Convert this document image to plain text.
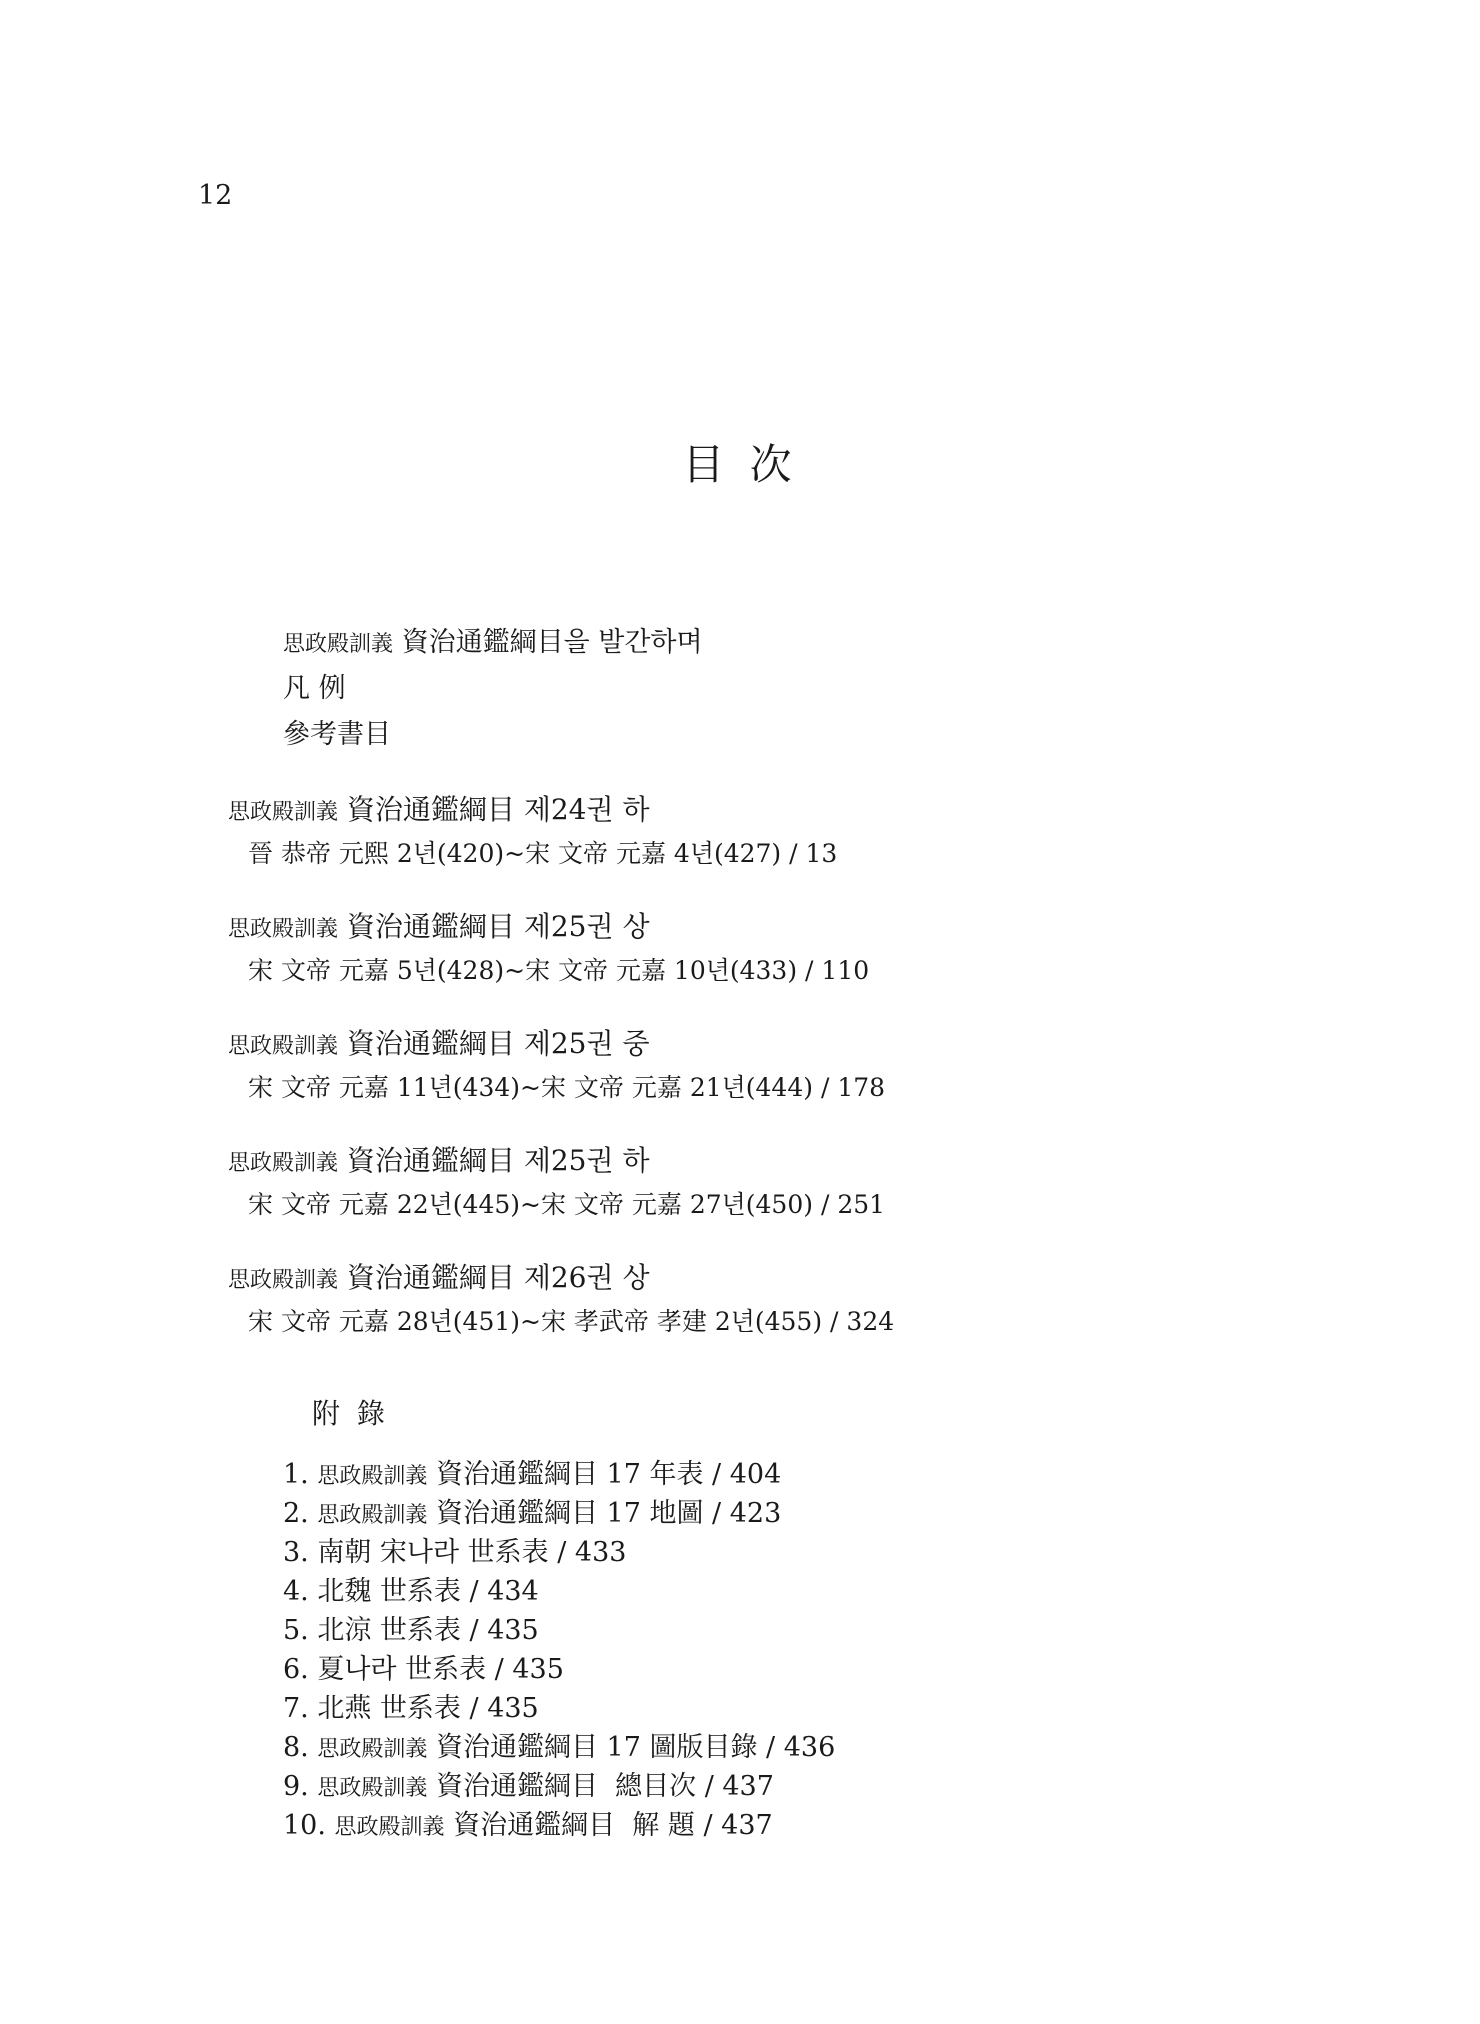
12
目 次
思政殿訓義 資治通鑑綱目을 발간하며
凡 例
參考書目
思政殿訓義 資治通鑑綱目 제24권 하
晉 恭帝 元熙 2년(420)~宋 文帝 元嘉 4년(427) / 13
思政殿訓義 資治通鑑綱目 제25권 상
宋 文帝 元嘉 5년(428)~宋 文帝 元嘉 10년(433) / 110
思政殿訓義 資治通鑑綱目 제25권 중
宋 文帝 元嘉 11년(434)~宋 文帝 元嘉 21년(444) / 178
思政殿訓義 資治通鑑綱目 제25권 하
宋 文帝 元嘉 22년(445)~宋 文帝 元嘉 27년(450) / 251
思政殿訓義 資治通鑑綱目 제26권 상
宋 文帝 元嘉 28년(451)~宋 孝武帝 孝建 2년(455) / 324
附 錄
1. 思政殿訓義 資治通鑑綱目 17 年表 / 404
2. 思政殿訓義 資治通鑑綱目 17 地圖 / 423
3. 南朝 宋나라 世系表 / 433
4. 北魏 世系表 / 434
5. 北涼 世系表 / 435
6. 夏나라 世系表 / 435
7. 北燕 世系表 / 435
8. 思政殿訓義 資治通鑑綱目 17 圖版目錄 / 436
9. 思政殿訓義 資治通鑑綱目  總目次 / 437
10. 思政殿訓義 資治通鑑綱目  解 題 / 437
